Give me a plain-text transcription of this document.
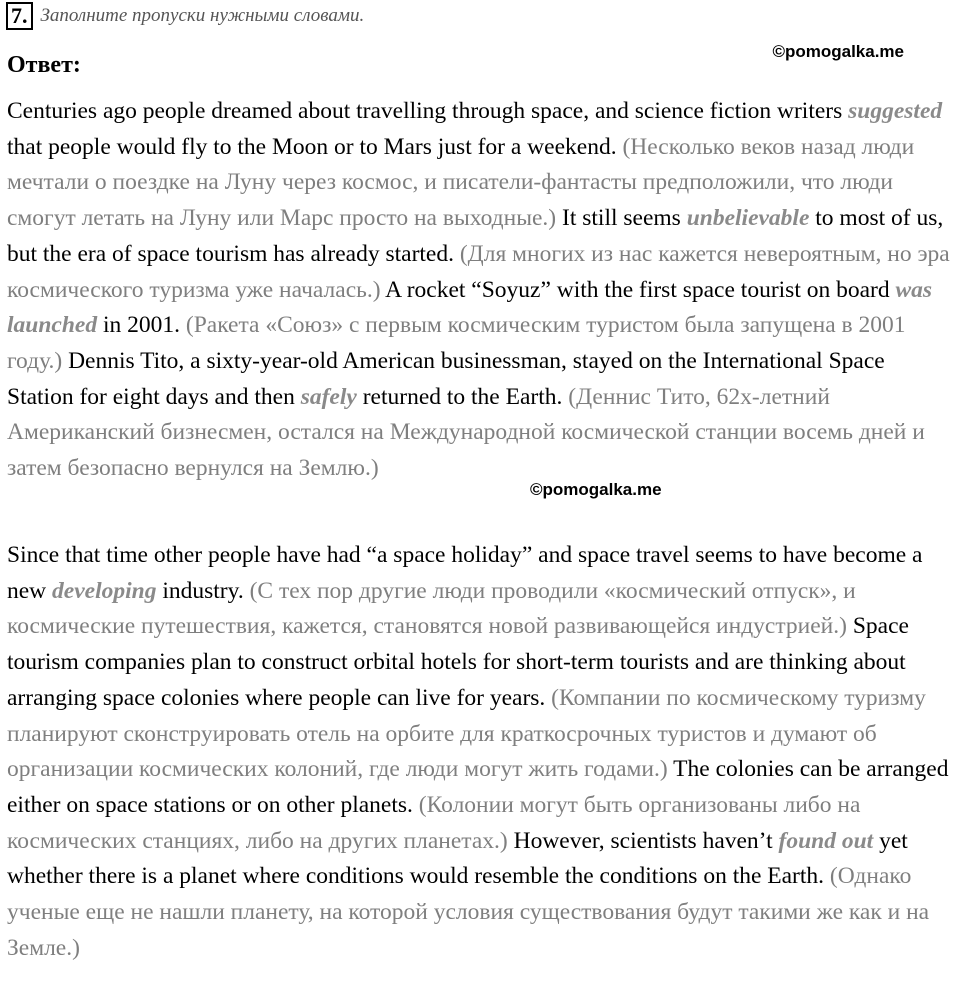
7. Заполните пропуски нужными словами.
Ответ:
©pomogalka.me

Centuries ago people dreamed about travelling through space, and science fiction writers suggested that people would fly to the Moon or to Mars just for a weekend. (Несколько веков назад люди мечтали о поездке на Луну через космос, и писатели-фантасты предположили, что люди смогут летать на Луну или Марс просто на выходные.) It still seems unbelievable to most of us, but the era of space tourism has already started. (Для многих из нас кажется невероятным, но эра космического туризма уже началась.) A rocket “Soyuz” with the first space tourist on board was launched in 2001. (Ракета «Союз» с первым космическим туристом была запущена в 2001 году.) Dennis Tito, a sixty-year-old American businessman, stayed on the International Space Station for eight days and then safely returned to the Earth. (Деннис Тито, 62х-летний Американский бизнесмен, остался на Международной космической станции восемь дней и затем безопасно вернулся на Землю.)

©pomogalka.me

Since that time other people have had “a space holiday” and space travel seems to have become a new developing industry. (С тех пор другие люди проводили «космический отпуск», и космические путешествия, кажется, становятся новой развивающейся индустрией.) Space tourism companies plan to construct orbital hotels for short-term tourists and are thinking about arranging space colonies where people can live for years. (Компании по космическому туризму планируют сконструировать отель на орбите для краткосрочных туристов и думают об организации космических колоний, где люди могут жить годами.) The colonies can be arranged either on space stations or on other planets. (Колонии могут быть организованы либо на космических станциях, либо на других планетах.) However, scientists haven’t found out yet whether there is a planet where conditions would resemble the conditions on the Earth. (Однако ученые еще не нашли планету, на которой условия существования будут такими же как и на Земле.)
